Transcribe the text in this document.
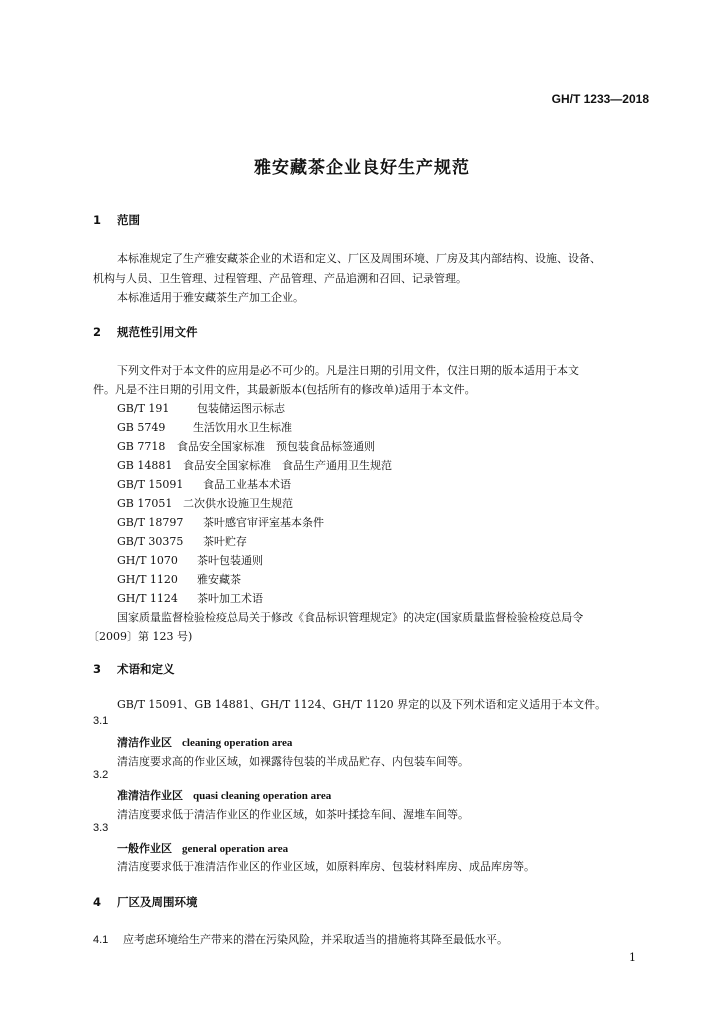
GH/T 1233—2018
雅安藏茶企业良好生产规范
1 范围
本标准规定了生产雅安藏茶企业的术语和定义、厂区及周围环境、厂房及其内部结构、设施、设备、
机构与人员、卫生管理、过程管理、产品管理、产品追溯和召回、记录管理。
本标准适用于雅安藏茶生产加工企业。
2 规范性引用文件
下列文件对于本文件的应用是必不可少的。凡是注日期的引用文件，仅注日期的版本适用于本文
件。凡是不注日期的引用文件，其最新版本(包括所有的修改单)适用于本文件。
GB/T 191	包装储运图示标志
GB 5749	生活饮用水卫生标准
GB 7718 食品安全国家标准　预包装食品标签通则
GB 14881 食品安全国家标准　食品生产通用卫生规范
GB/T 15091 食品工业基本术语
GB 17051 二次供水设施卫生规范
GB/T 18797 茶叶感官审评室基本条件
GB/T 30375 茶叶贮存
GH/T 1070 茶叶包装通则
GH/T 1120 雅安藏茶
GH/T 1124 茶叶加工术语
国家质量监督检验检疫总局关于修改《食品标识管理规定》的决定(国家质量监督检验检疫总局令
〔2009〕第 123 号)
3 术语和定义
GB/T 15091、GB 14881、GH/T 1124、GH/T 1120 界定的以及下列术语和定义适用于本文件。
3.1
清洁作业区 cleaning operation area
清洁度要求高的作业区域，如裸露待包装的半成品贮存、内包装车间等。
3.2
准清洁作业区 quasi cleaning operation area
清洁度要求低于清洁作业区的作业区域，如茶叶揉捻车间、渥堆车间等。
3.3
一般作业区 general operation area
清洁度要求低于准清洁作业区的作业区域，如原料库房、包装材料库房、成品库房等。
4 厂区及周围环境
4.1 应考虑环境给生产带来的潜在污染风险，并采取适当的措施将其降至最低水平。
1
